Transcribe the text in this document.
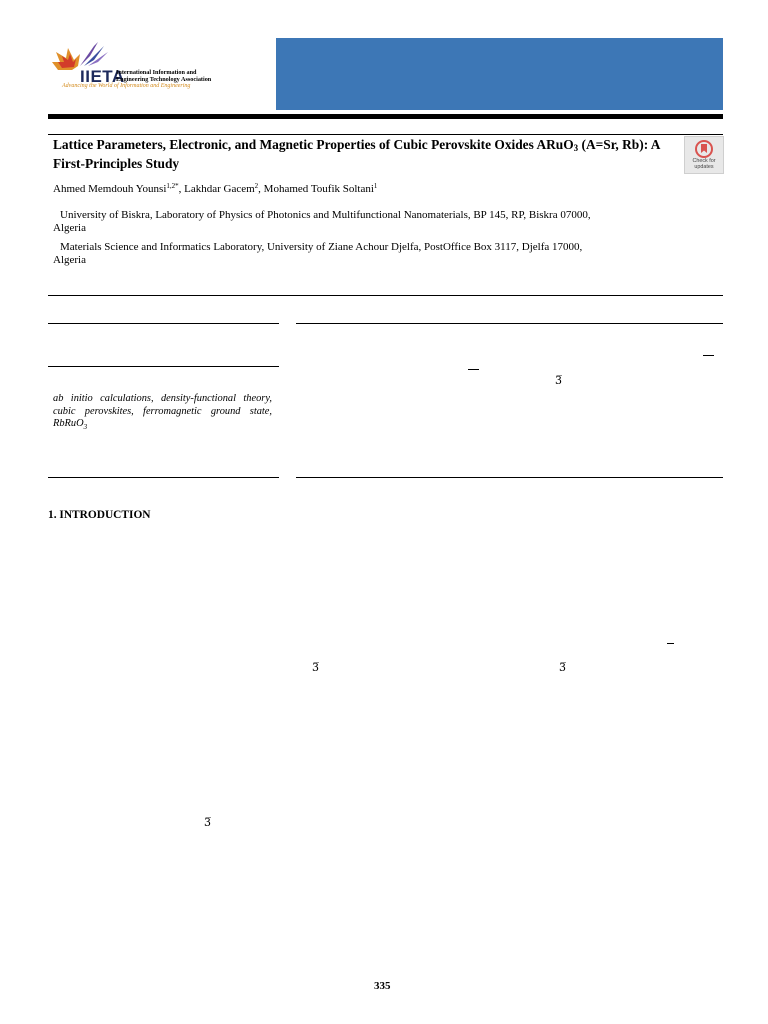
IIETA
International Information and
Engineering Technology Association
Advancing the World of Information and Engineering
Lattice Parameters, Electronic, and Magnetic Properties of Cubic Perovskite Oxides ARuO$_3$ (A=Sr, Rb): A First-Principles Study	Check for
updates
Ahmed Memdouh Younsi$^{1,2*}$, Lakhdar Gacem$^2$, Mohamed Toufik Soltani$^1$
University of Biskra, Laboratory of Physics of Photonics and Multifunctional Nanomaterials, BP 145, RP, Biskra 07000,
Algeria
Materials Science and Informatics Laboratory, University of Ziane Achour Djelfa, PostOffice Box 3117, Djelfa 17000,
Algeria
ab initio calculations, density-functional theory, cubic perovskites, ferromagnetic ground state, RbRuO$_3$
3̅
3̅	3̅
3̅
1. INTRODUCTION
335
